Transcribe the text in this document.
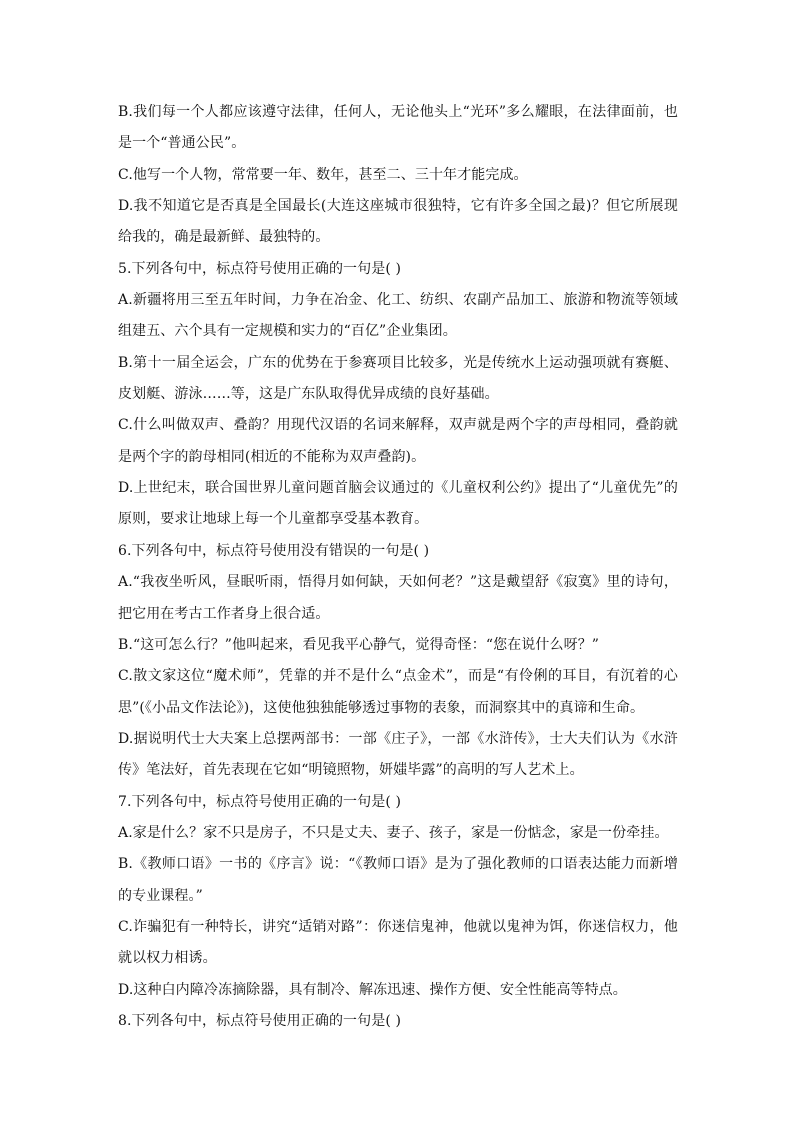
B.我们每一个人都应该遵守法律，任何人，无论他头上“光环”多么耀眼，在法律面前，也是一个“普通公民”。

C.他写一个人物，常常要一年、数年，甚至二、三十年才能完成。

D.我不知道它是否真是全国最长(大连这座城市很独特，它有许多全国之最)？但它所展现给我的，确是最新鲜、最独特的。

5.下列各句中，标点符号使用正确的一句是( )

A.新疆将用三至五年时间，力争在冶金、化工、纺织、农副产品加工、旅游和物流等领域组建五、六个具有一定规模和实力的“百亿”企业集团。

B.第十一届全运会，广东的优势在于参赛项目比较多，光是传统水上运动强项就有赛艇、皮划艇、游泳……等，这是广东队取得优异成绩的良好基础。

C.什么叫做双声、叠韵？用现代汉语的名词来解释，双声就是两个字的声母相同，叠韵就是两个字的韵母相同(相近的不能称为双声叠韵)。

D.上世纪末，联合国世界儿童问题首脑会议通过的《儿童权利公约》提出了“儿童优先”的原则，要求让地球上每一个儿童都享受基本教育。

6.下列各句中，标点符号使用没有错误的一句是( )

A.“我夜坐听风，昼眠听雨，悟得月如何缺，天如何老？”这是戴望舒《寂寞》里的诗句，把它用在考古工作者身上很合适。

B.“这可怎么行？”他叫起来，看见我平心静气，觉得奇怪：“您在说什么呀？”

C.散文家这位“魔术师”，凭靠的并不是什么“点金术”，而是“有伶俐的耳目，有沉着的心思”(《小品文作法论》)，这使他独独能够透过事物的表象，而洞察其中的真谛和生命。

D.据说明代士大夫案上总摆两部书：一部《庄子》，一部《水浒传》，士大夫们认为《水浒传》笔法好，首先表现在它如“明镜照物，妍媸毕露”的高明的写人艺术上。

7.下列各句中，标点符号使用正确的一句是( )

A.家是什么？家不只是房子，不只是丈夫、妻子、孩子，家是一份惦念，家是一份牵挂。

B.《教师口语》一书的《序言》说：“《教师口语》是为了强化教师的口语表达能力而新增的专业课程。”

C.诈骗犯有一种特长，讲究“适销对路”：你迷信鬼神，他就以鬼神为饵，你迷信权力，他就以权力相诱。

D.这种白内障冷冻摘除器，具有制冷、解冻迅速、操作方便、安全性能高等特点。

8.下列各句中，标点符号使用正确的一句是( )
